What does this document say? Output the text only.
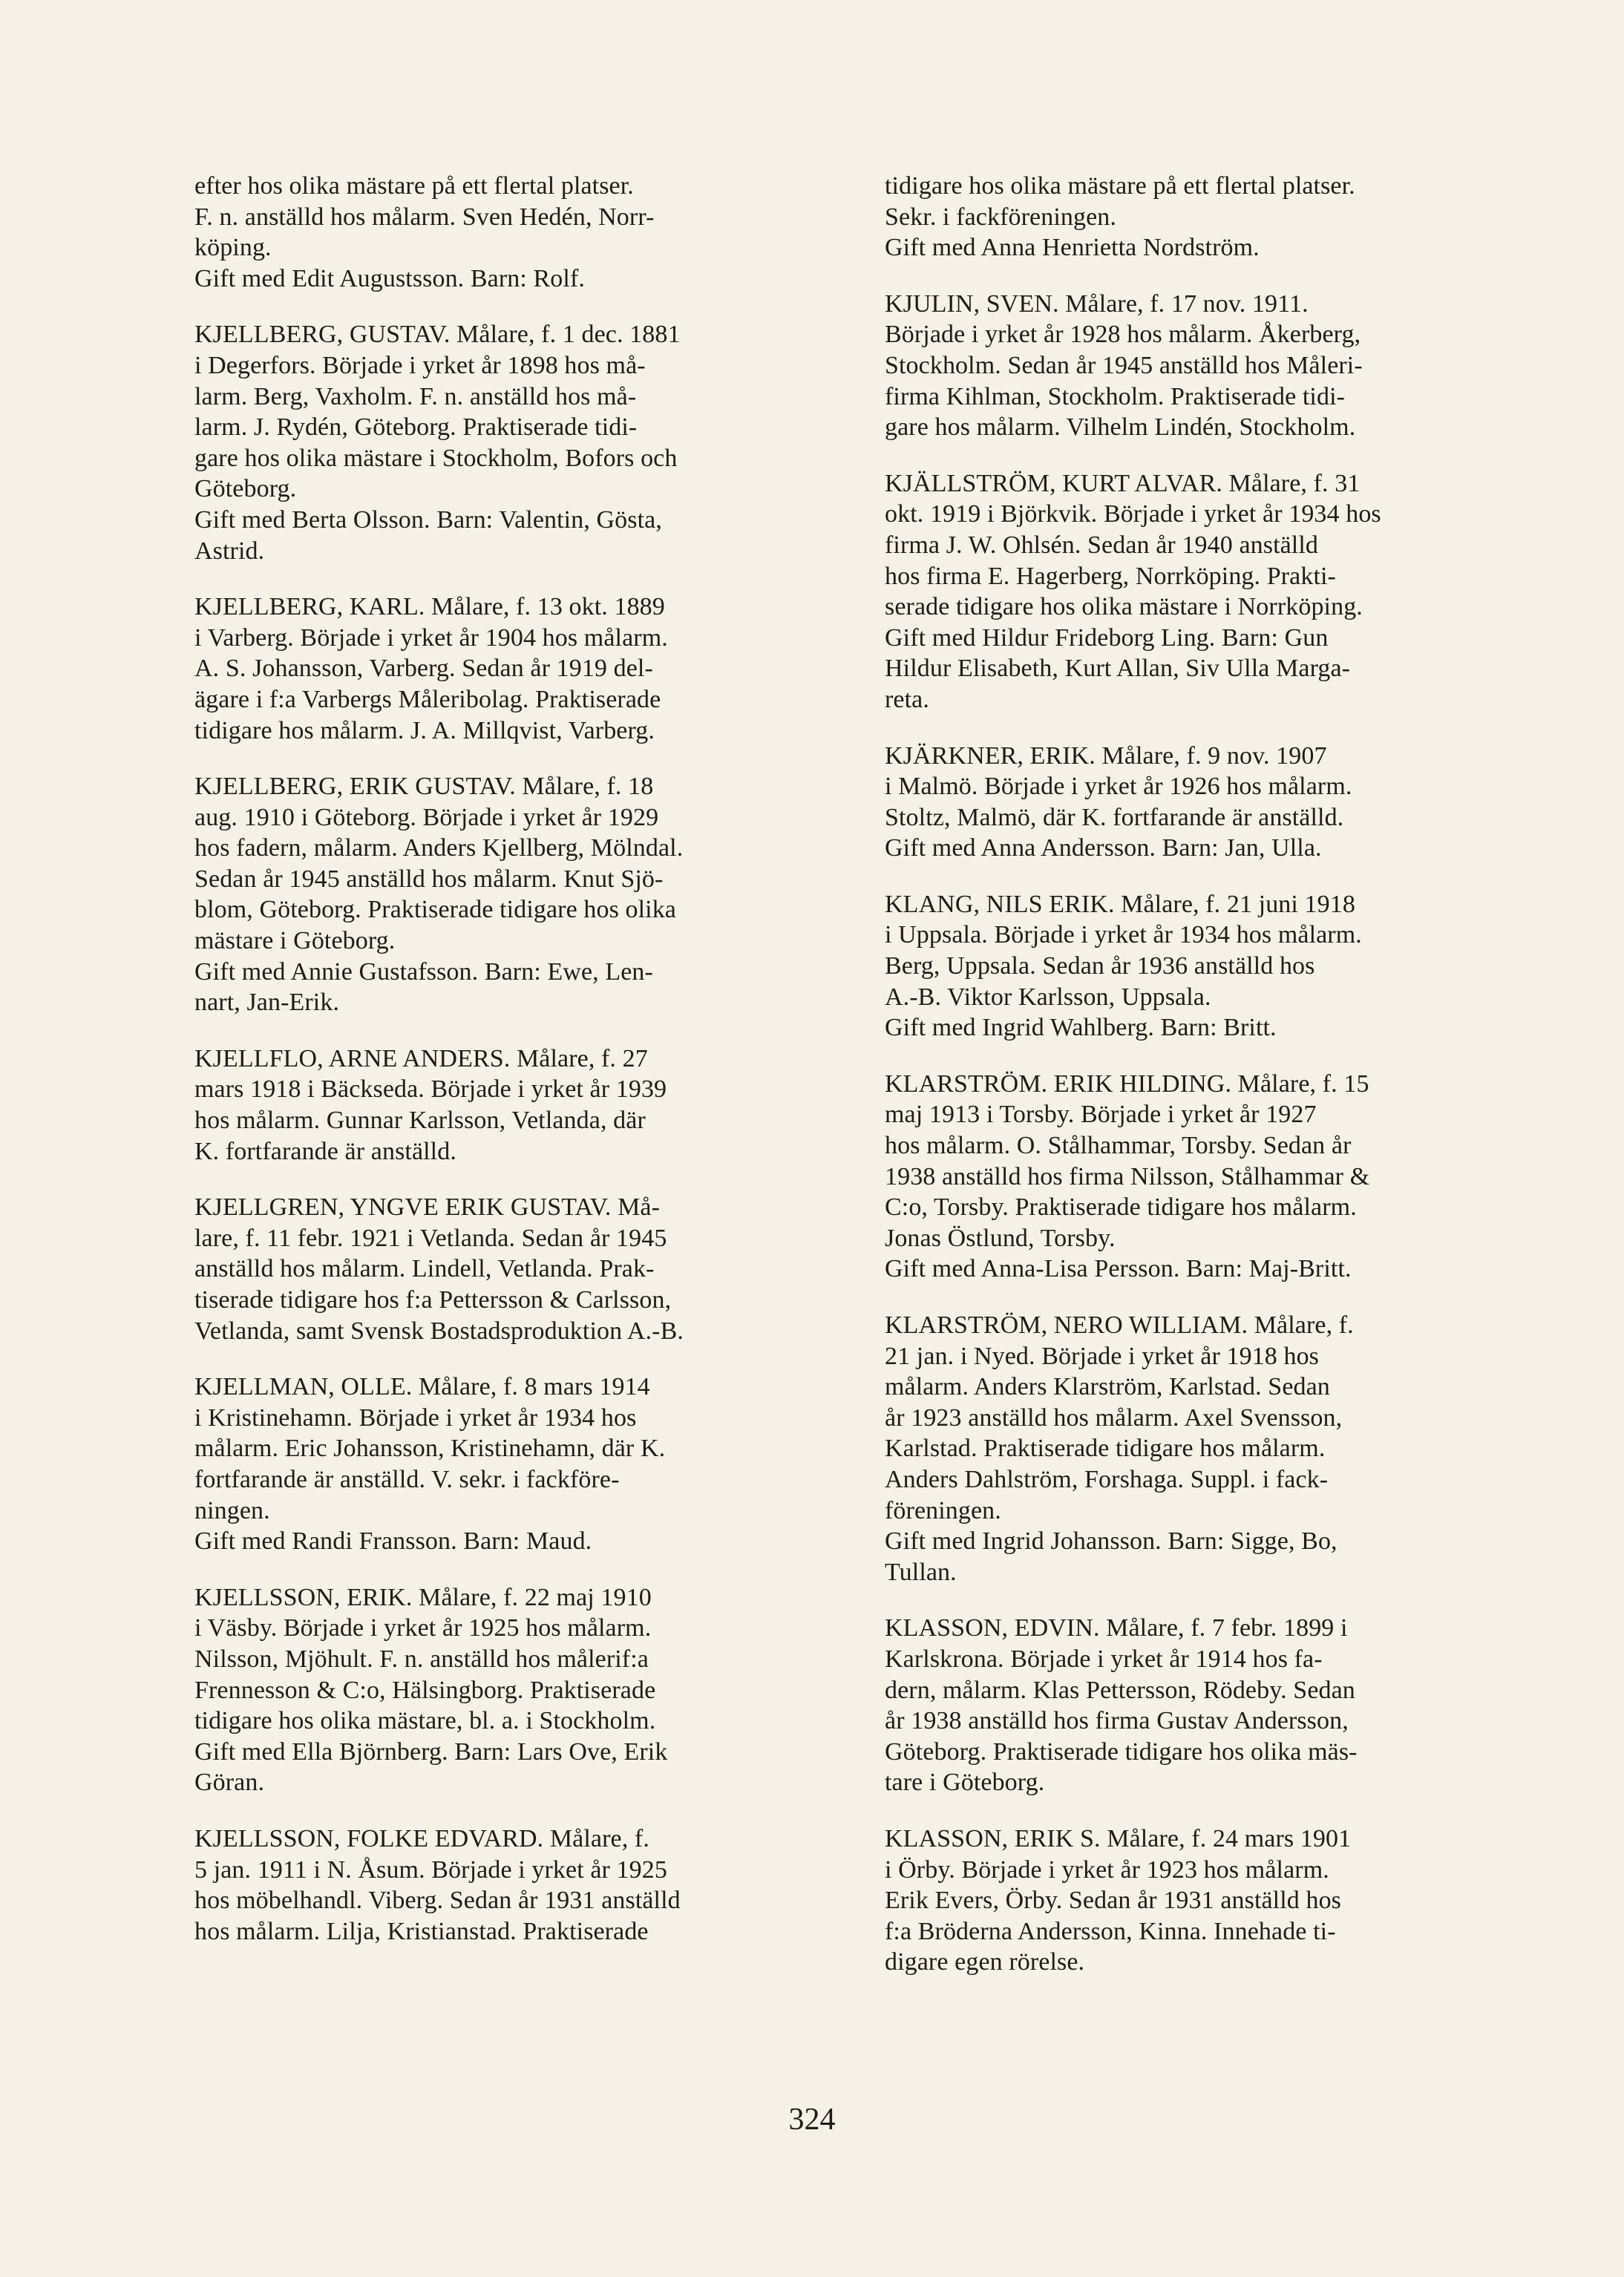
efter hos olika mästare på ett flertal platser.
F. n. anställd hos målarm. Sven Hedén, Norr-
köping.
Gift med Edit Augustsson. Barn: Rolf.
KJELLBERG, GUSTAV. Målare, f. 1 dec. 1881
i Degerfors. Började i yrket år 1898 hos må-
larm. Berg, Vaxholm. F. n. anställd hos må-
larm. J. Rydén, Göteborg. Praktiserade tidi-
gare hos olika mästare i Stockholm, Bofors och
Göteborg.
Gift med Berta Olsson. Barn: Valentin, Gösta,
Astrid.
KJELLBERG, KARL. Målare, f. 13 okt. 1889
i Varberg. Började i yrket år 1904 hos målarm.
A. S. Johansson, Varberg. Sedan år 1919 del-
ägare i f:a Varbergs Måleribolag. Praktiserade
tidigare hos målarm. J. A. Millqvist, Varberg.
KJELLBERG, ERIK GUSTAV. Målare, f. 18
aug. 1910 i Göteborg. Började i yrket år 1929
hos fadern, målarm. Anders Kjellberg, Mölndal.
Sedan år 1945 anställd hos målarm. Knut Sjö-
blom, Göteborg. Praktiserade tidigare hos olika
mästare i Göteborg.
Gift med Annie Gustafsson. Barn: Ewe, Len-
nart, Jan-Erik.
KJELLFLO, ARNE ANDERS. Målare, f. 27
mars 1918 i Bäckseda. Började i yrket år 1939
hos målarm. Gunnar Karlsson, Vetlanda, där
K. fortfarande är anställd.
KJELLGREN, YNGVE ERIK GUSTAV. Må-
lare, f. 11 febr. 1921 i Vetlanda. Sedan år 1945
anställd hos målarm. Lindell, Vetlanda. Prak-
tiserade tidigare hos f:a Pettersson & Carlsson,
Vetlanda, samt Svensk Bostadsproduktion A.-B.
KJELLMAN, OLLE. Målare, f. 8 mars 1914
i Kristinehamn. Började i yrket år 1934 hos
målarm. Eric Johansson, Kristinehamn, där K.
fortfarande är anställd. V. sekr. i fackföre-
ningen.
Gift med Randi Fransson. Barn: Maud.
KJELLSSON, ERIK. Målare, f. 22 maj 1910
i Väsby. Började i yrket år 1925 hos målarm.
Nilsson, Mjöhult. F. n. anställd hos målerif:a
Frennesson & C:o, Hälsingborg. Praktiserade
tidigare hos olika mästare, bl. a. i Stockholm.
Gift med Ella Björnberg. Barn: Lars Ove, Erik
Göran.
KJELLSSON, FOLKE EDVARD. Målare, f.
5 jan. 1911 i N. Åsum. Började i yrket år 1925
hos möbelhandl. Viberg. Sedan år 1931 anställd
hos målarm. Lilja, Kristianstad. Praktiserade
tidigare hos olika mästare på ett flertal platser.
Sekr. i fackföreningen.
Gift med Anna Henrietta Nordström.
KJULIN, SVEN. Målare, f. 17 nov. 1911.
Började i yrket år 1928 hos målarm. Åkerberg,
Stockholm. Sedan år 1945 anställd hos Måleri-
firma Kihlman, Stockholm. Praktiserade tidi-
gare hos målarm. Vilhelm Lindén, Stockholm.
KJÄLLSTRÖM, KURT ALVAR. Målare, f. 31
okt. 1919 i Björkvik. Började i yrket år 1934 hos
firma J. W. Ohlsén. Sedan år 1940 anställd
hos firma E. Hagerberg, Norrköping. Prakti-
serade tidigare hos olika mästare i Norrköping.
Gift med Hildur Frideborg Ling. Barn: Gun
Hildur Elisabeth, Kurt Allan, Siv Ulla Marga-
reta.
KJÄRKNER, ERIK. Målare, f. 9 nov. 1907
i Malmö. Började i yrket år 1926 hos målarm.
Stoltz, Malmö, där K. fortfarande är anställd.
Gift med Anna Andersson. Barn: Jan, Ulla.
KLANG, NILS ERIK. Målare, f. 21 juni 1918
i Uppsala. Började i yrket år 1934 hos målarm.
Berg, Uppsala. Sedan år 1936 anställd hos
A.-B. Viktor Karlsson, Uppsala.
Gift med Ingrid Wahlberg. Barn: Britt.
KLARSTRÖM. ERIK HILDING. Målare, f. 15
maj 1913 i Torsby. Började i yrket år 1927
hos målarm. O. Stålhammar, Torsby. Sedan år
1938 anställd hos firma Nilsson, Stålhammar &
C:o, Torsby. Praktiserade tidigare hos målarm.
Jonas Östlund, Torsby.
Gift med Anna-Lisa Persson. Barn: Maj-Britt.
KLARSTRÖM, NERO WILLIAM. Målare, f.
21 jan. i Nyed. Började i yrket år 1918 hos
målarm. Anders Klarström, Karlstad. Sedan
år 1923 anställd hos målarm. Axel Svensson,
Karlstad. Praktiserade tidigare hos målarm.
Anders Dahlström, Forshaga. Suppl. i fack-
föreningen.
Gift med Ingrid Johansson. Barn: Sigge, Bo,
Tullan.
KLASSON, EDVIN. Målare, f. 7 febr. 1899 i
Karlskrona. Började i yrket år 1914 hos fa-
dern, målarm. Klas Pettersson, Rödeby. Sedan
år 1938 anställd hos firma Gustav Andersson,
Göteborg. Praktiserade tidigare hos olika mäs-
tare i Göteborg.
KLASSON, ERIK S. Målare, f. 24 mars 1901
i Örby. Började i yrket år 1923 hos målarm.
Erik Evers, Örby. Sedan år 1931 anställd hos
f:a Bröderna Andersson, Kinna. Innehade ti-
digare egen rörelse.
324
